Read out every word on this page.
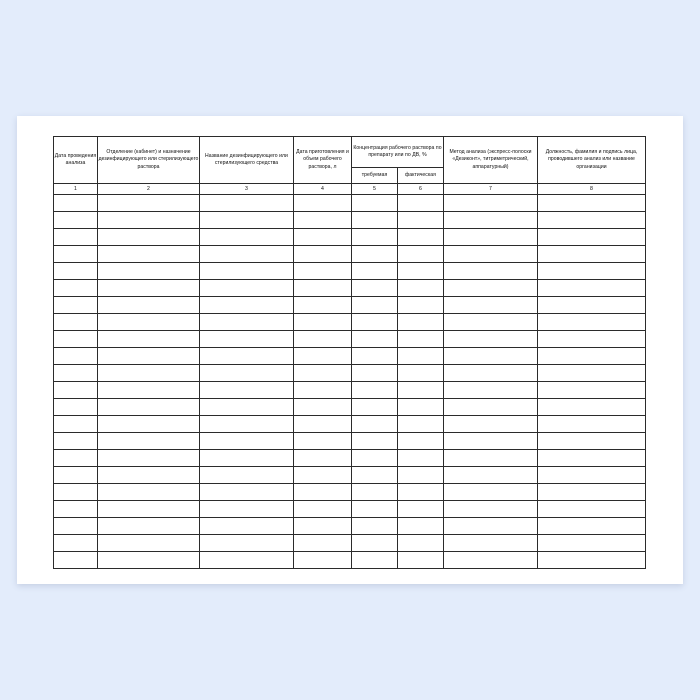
Дата проведения анализа	Отделение (кабинет) и назначение дезинфицирующего или стерилизующего раствора	Название дезинфицирующего или стерилизующего средства	Дата приготовления и объем рабочего раствора, л	Концентрация рабочего раствора по препарату или по ДВ, %		Метод анализа (экспресс-полоски «Дезиконт», титриметрический, аппаратурный)	Должность, фамилия и подпись лица, проводившего анализ или название организации
				требуемая	фактическая		
1	2	3	4	5	6	7	8
